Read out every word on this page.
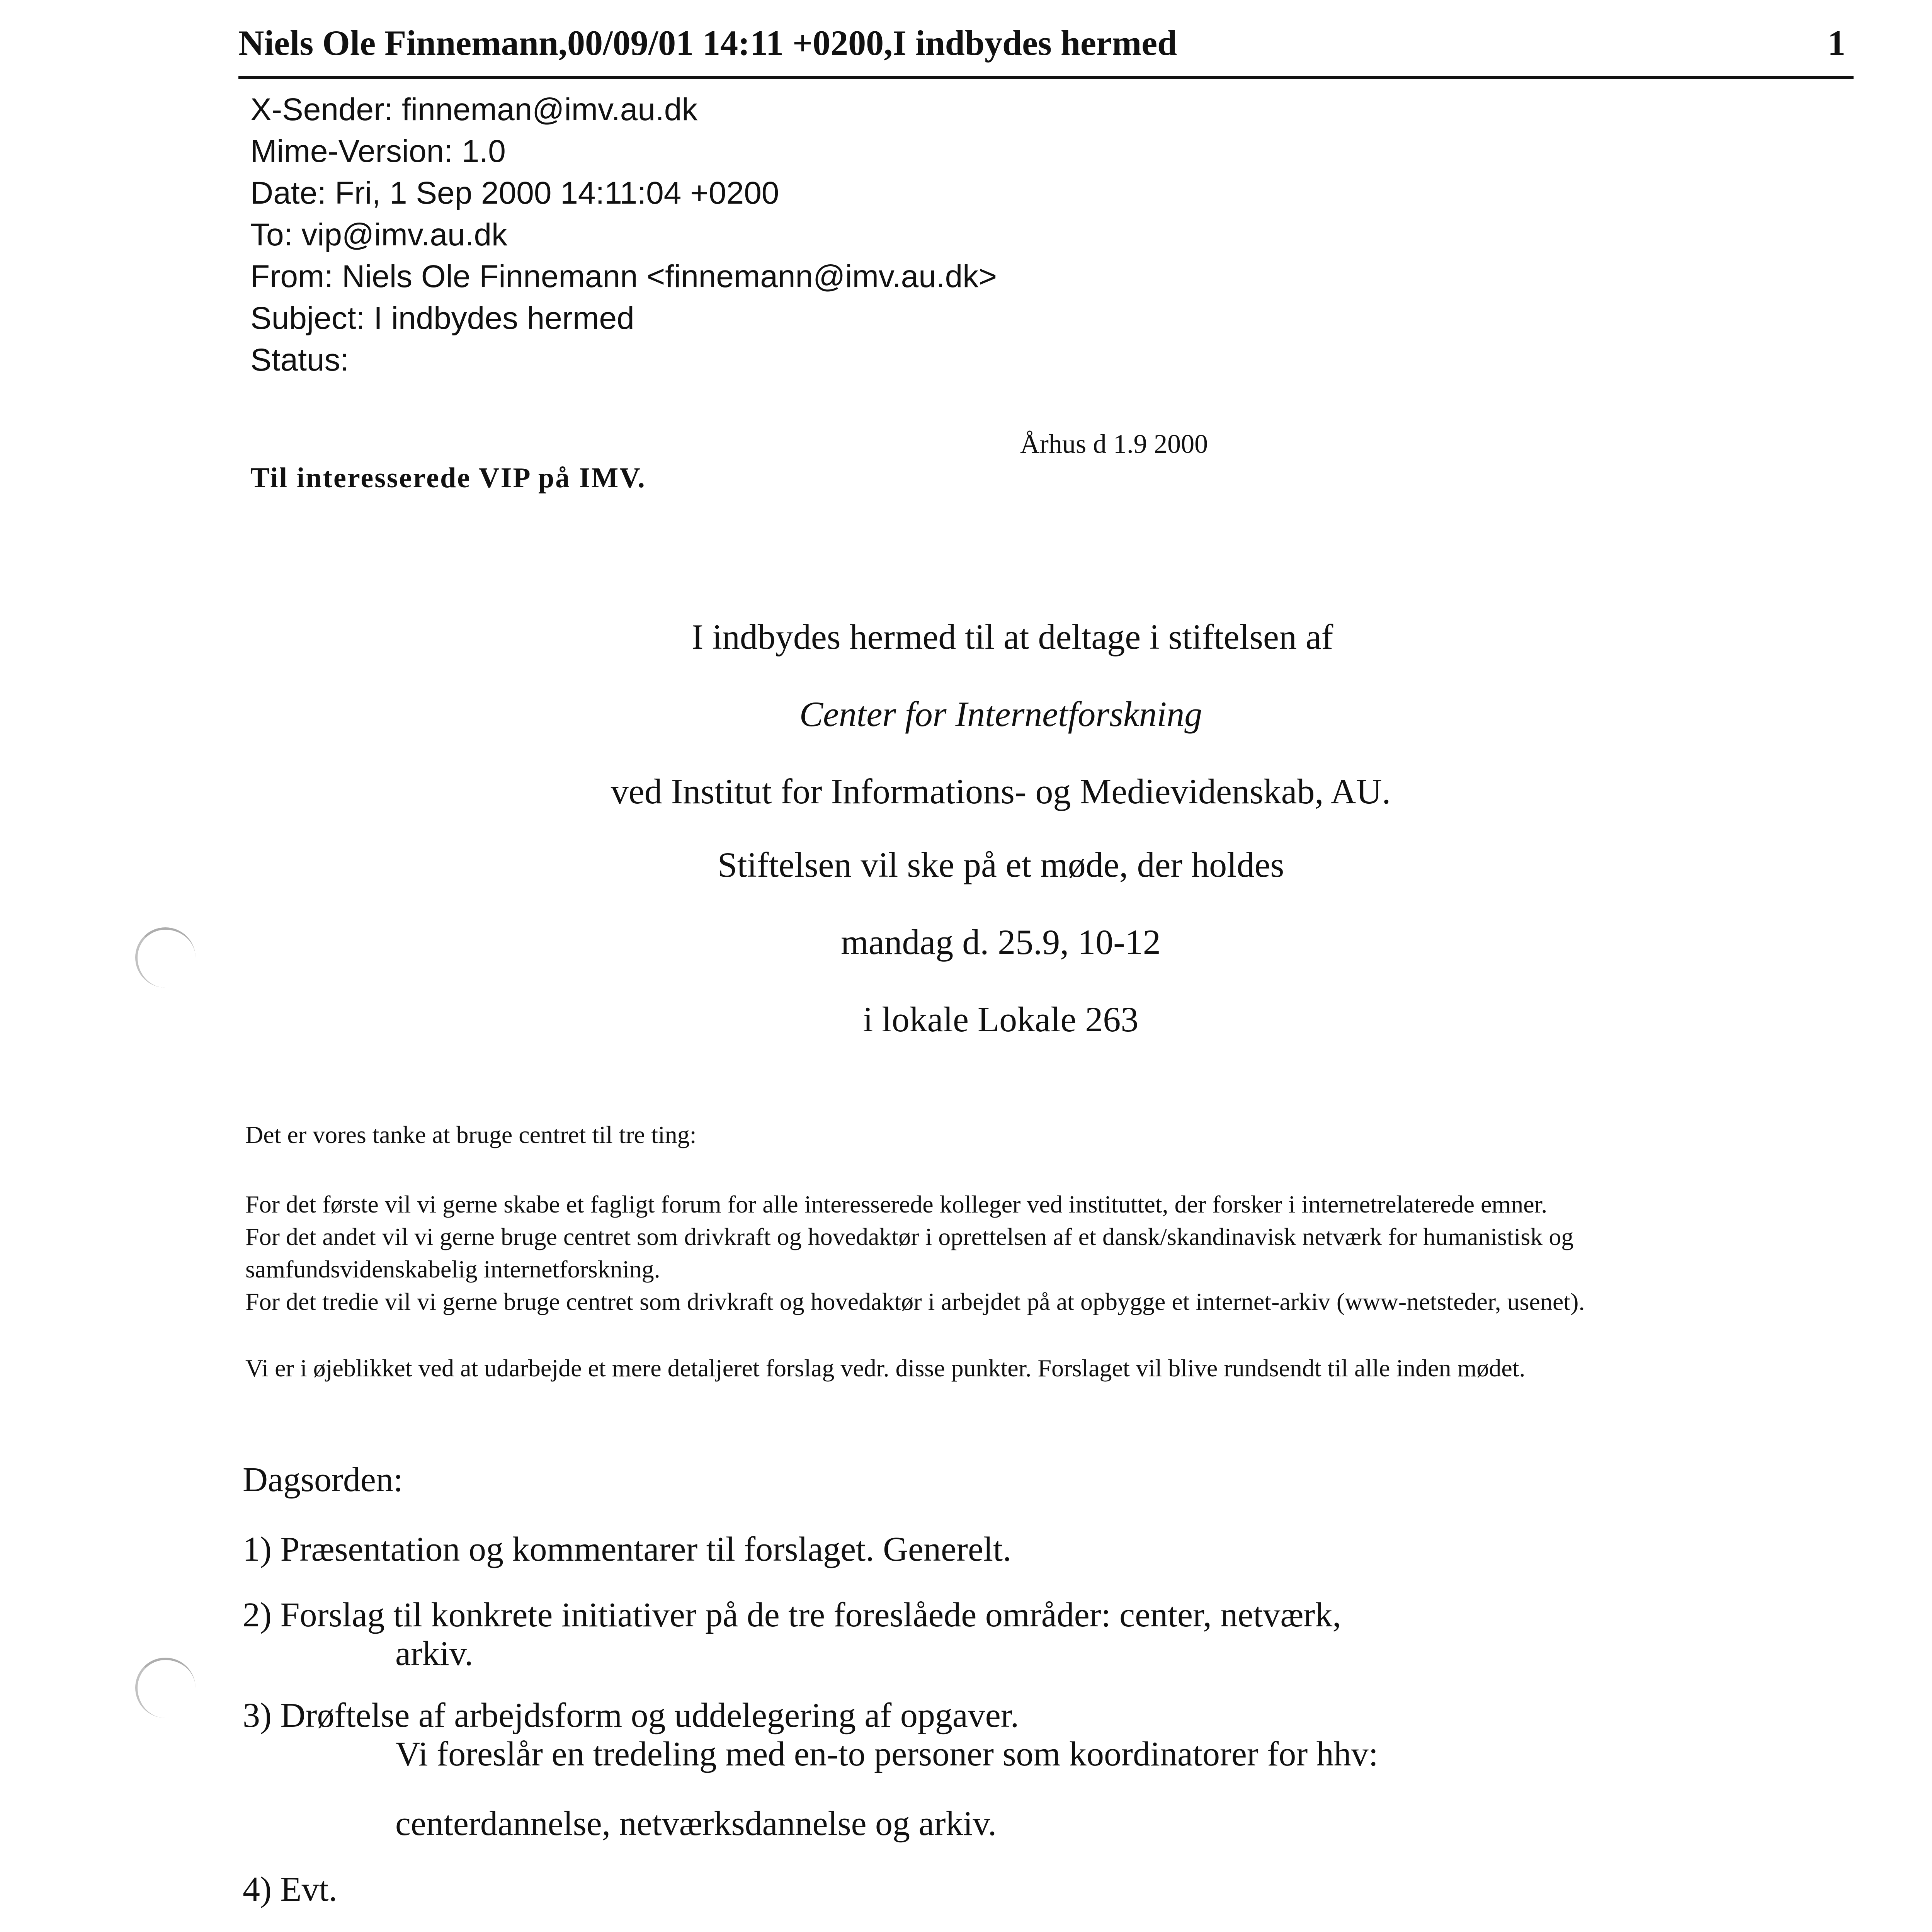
Niels Ole Finnemann,00/09/01 14:11 +0200,I indbydes hermed	1
X-Sender: finneman@imv.au.dk
Mime-Version: 1.0
Date: Fri, 1 Sep 2000 14:11:04 +0200
To: vip@imv.au.dk
From: Niels Ole Finnemann <finnemann@imv.au.dk>
Subject: I indbydes hermed
Status:
Århus d 1.9 2000
Til interesserede VIP på IMV.
I indbydes hermed til at deltage i stiftelsen af
Center for Internetforskning
ved Institut for Informations- og Medievidenskab, AU.
Stiftelsen vil ske på et møde, der holdes
mandag d. 25.9, 10-12
i lokale Lokale 263

Det er vores tanke at bruge centret til tre ting:

For det første vil vi gerne skabe et fagligt forum for alle interesserede kolleger ved instituttet, der forsker i internetrelaterede emner.

For det andet vil vi gerne bruge centret som drivkraft og hovedaktør i oprettelsen af et dansk/skandinavisk netværk for humanistisk og samfundsvidenskabelig internetforskning.

For det tredie vil vi gerne bruge centret som drivkraft og hovedaktør i arbejdet på at opbygge et internet-arkiv (www-netsteder, usenet).

Vi er i øjeblikket ved at udarbejde et mere detaljeret forslag vedr. disse punkter. Forslaget vil blive rundsendt til alle inden mødet.

Dagsorden:

1) Præsentation og kommentarer til forslaget. Generelt.

2) Forslag til konkrete initiativer på de tre foreslåede områder: center, netværk,

arkiv.

3) Drøftelse af arbejdsform og uddelegering af opgaver.

Vi foreslår en tredeling med en-to personer som koordinatorer for hhv:

centerdannelse, netværksdannelse og arkiv.

4) Evt.
